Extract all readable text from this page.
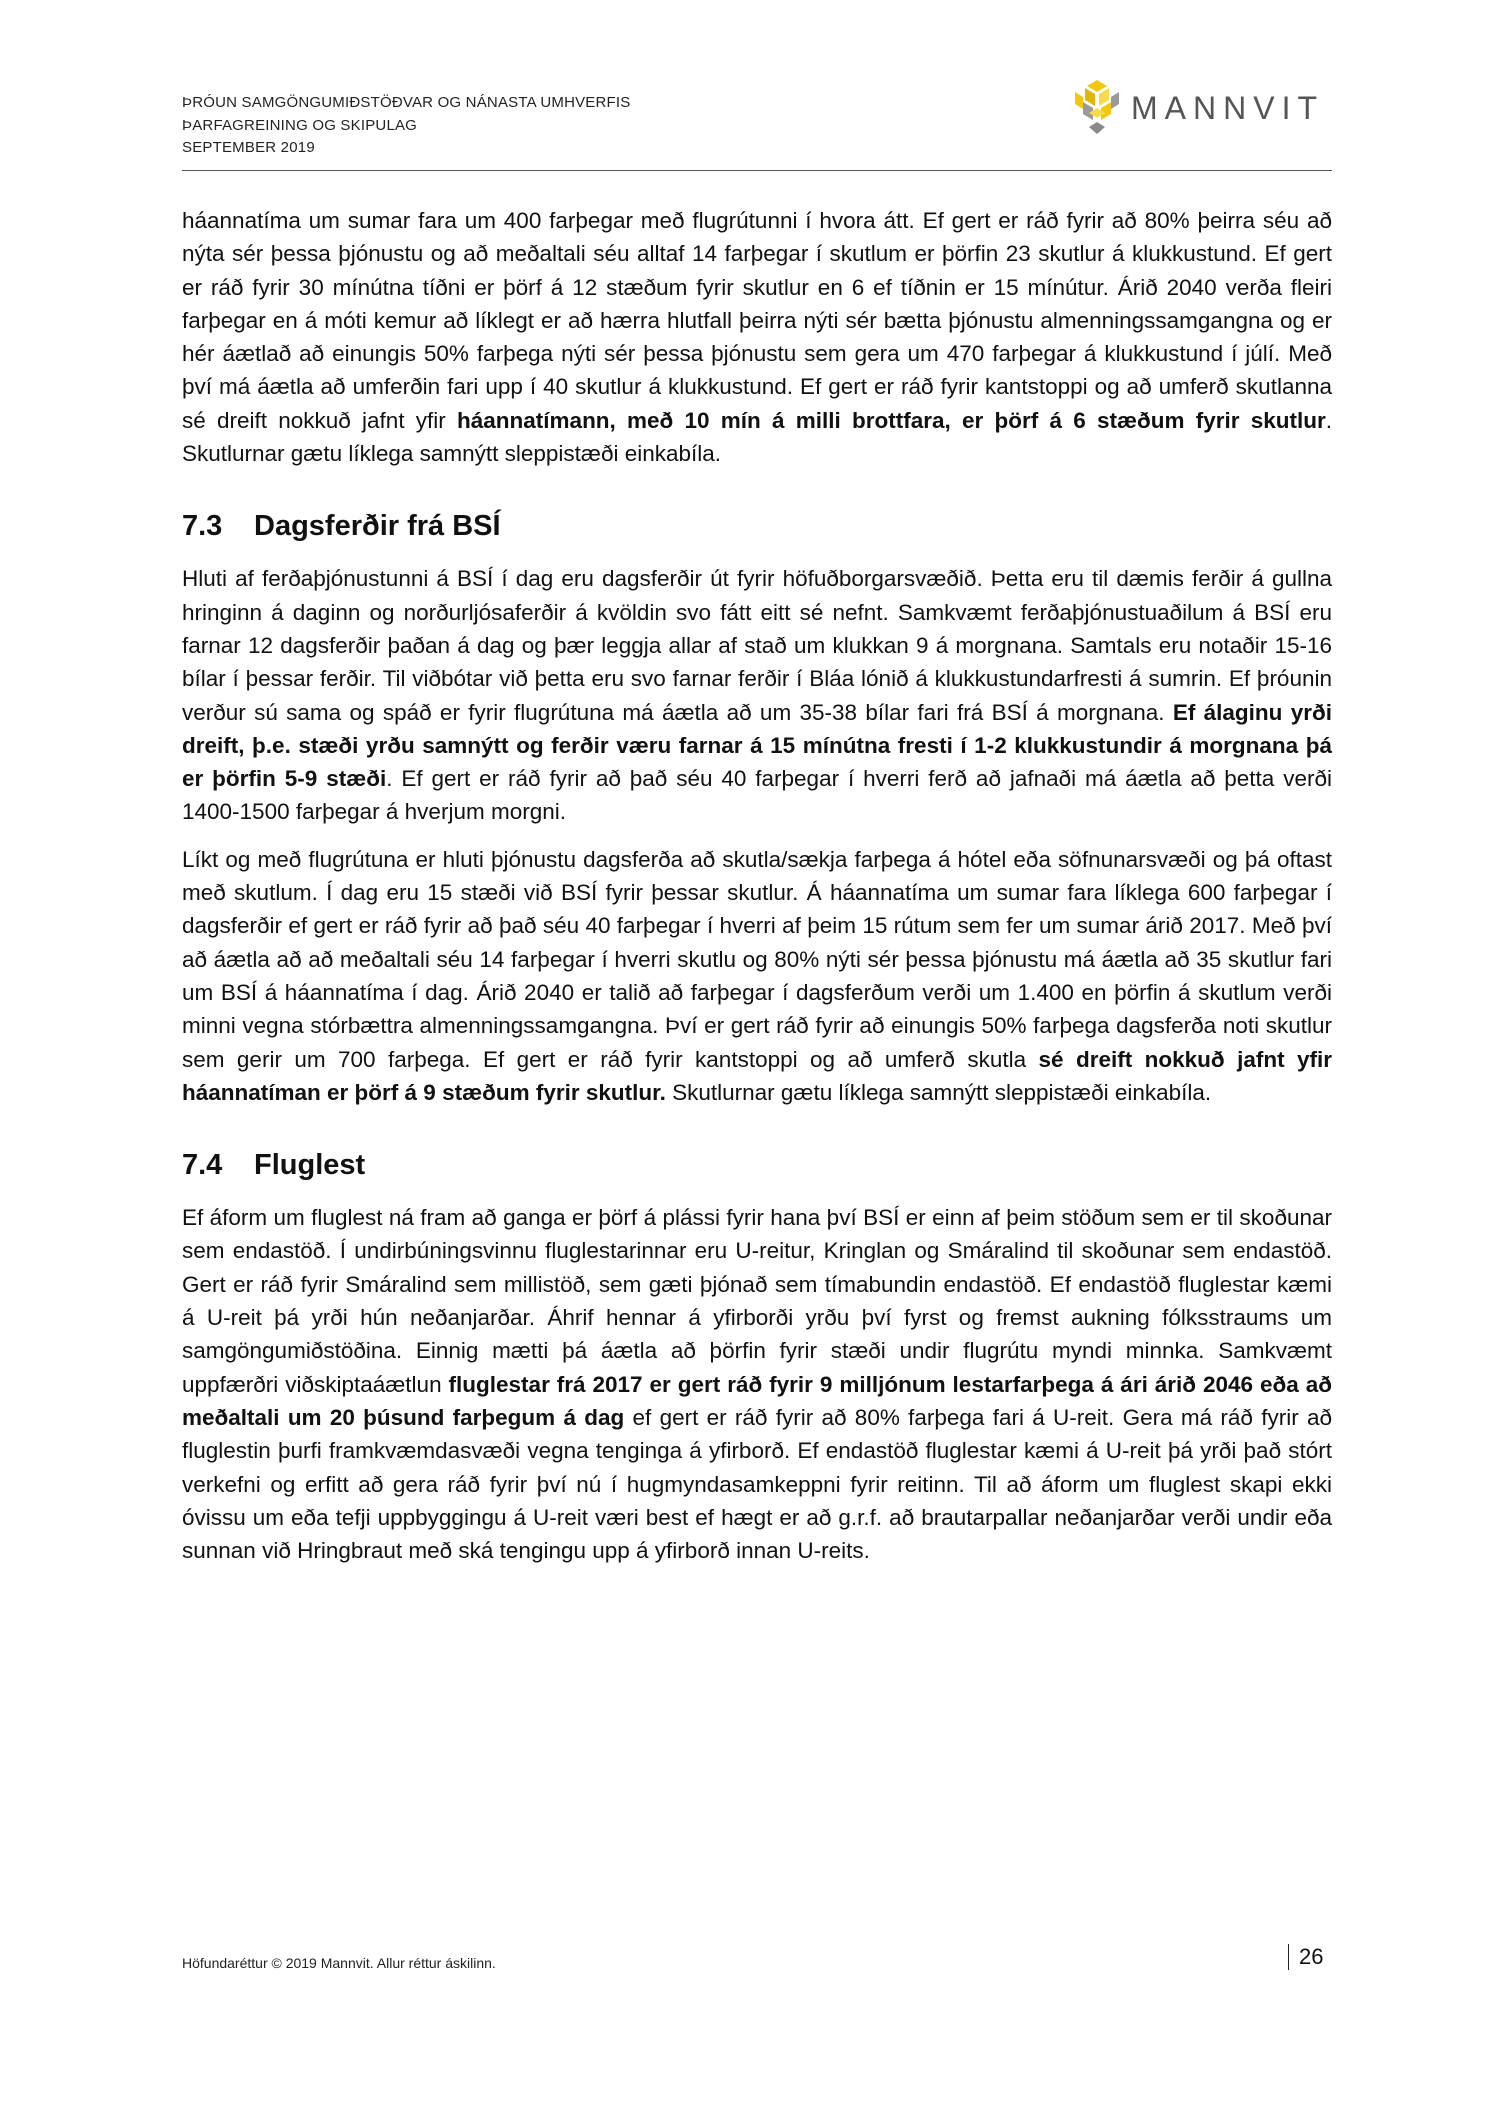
ÞRÓUN SAMGÖNGUMIÐSTÖÐVAR OG NÁNASTA UMHVERFIS
ÞARFAGREINING OG SKIPULAG
SEPTEMBER 2019
MANNVIT

háannatíma um sumar fara um 400 farþegar með flugrútunni í hvora átt. Ef gert er ráð fyrir að 80% þeirra séu að nýta sér þessa þjónustu og að meðaltali séu alltaf 14 farþegar í skutlum er þörfin 23 skutlur á klukkustund. Ef gert er ráð fyrir 30 mínútna tíðni er þörf á 12 stæðum fyrir skutlur en 6 ef tíðnin er 15 mínútur. Árið 2040 verða fleiri farþegar en á móti kemur að líklegt er að hærra hlutfall þeirra nýti sér bætta þjónustu almenningssamgangna og er hér áætlað að einungis 50% farþega nýti sér þessa þjónustu sem gera um 470 farþegar á klukkustund í júlí. Með því má áætla að umferðin fari upp í 40 skutlur á klukkustund. Ef gert er ráð fyrir kantstoppi og að umferð skutlanna sé dreift nokkuð jafnt yfir háannatímann, með 10 mín á milli brottfara, er þörf á 6 stæðum fyrir skutlur. Skutlurnar gætu líklega samnýtt sleppistæði einkabíla.

7.3 Dagsferðir frá BSÍ

Hluti af ferðaþjónustunni á BSÍ í dag eru dagsferðir út fyrir höfuðborgarsvæðið. Þetta eru til dæmis ferðir á gullna hringinn á daginn og norðurljósaferðir á kvöldin svo fátt eitt sé nefnt. Samkvæmt ferðaþjónustuaðilum á BSÍ eru farnar 12 dagsferðir þaðan á dag og þær leggja allar af stað um klukkan 9 á morgnana. Samtals eru notaðir 15-16 bílar í þessar ferðir. Til viðbótar við þetta eru svo farnar ferðir í Bláa lónið á klukkustundarfresti á sumrin. Ef þróunin verður sú sama og spáð er fyrir flugrútuna má áætla að um 35-38 bílar fari frá BSÍ á morgnana. Ef álaginu yrði dreift, þ.e. stæði yrðu samnýtt og ferðir væru farnar á 15 mínútna fresti í 1-2 klukkustundir á morgnana þá er þörfin 5-9 stæði. Ef gert er ráð fyrir að það séu 40 farþegar í hverri ferð að jafnaði má áætla að þetta verði 1400-1500 farþegar á hverjum morgni.

Líkt og með flugrútuna er hluti þjónustu dagsferða að skutla/sækja farþega á hótel eða söfnunarsvæði og þá oftast með skutlum. Í dag eru 15 stæði við BSÍ fyrir þessar skutlur. Á háannatíma um sumar fara líklega 600 farþegar í dagsferðir ef gert er ráð fyrir að það séu 40 farþegar í hverri af þeim 15 rútum sem fer um sumar árið 2017. Með því að áætla að að meðaltali séu 14 farþegar í hverri skutlu og 80% nýti sér þessa þjónustu má áætla að 35 skutlur fari um BSÍ á háannatíma í dag. Árið 2040 er talið að farþegar í dagsferðum verði um 1.400 en þörfin á skutlum verði minni vegna stórbættra almenningssamgangna. Því er gert ráð fyrir að einungis 50% farþega dagsferða noti skutlur sem gerir um 700 farþega. Ef gert er ráð fyrir kantstoppi og að umferð skutla sé dreift nokkuð jafnt yfir háannatíman er þörf á 9 stæðum fyrir skutlur. Skutlurnar gætu líklega samnýtt sleppistæði einkabíla.

7.4 Fluglest

Ef áform um fluglest ná fram að ganga er þörf á plássi fyrir hana því BSÍ er einn af þeim stöðum sem er til skoðunar sem endastöð. Í undirbúningsvinnu fluglestarinnar eru U-reitur, Kringlan og Smáralind til skoðunar sem endastöð. Gert er ráð fyrir Smáralind sem millistöð, sem gæti þjónað sem tímabundin endastöð. Ef endastöð fluglestar kæmi á U-reit þá yrði hún neðanjarðar. Áhrif hennar á yfirborði yrðu því fyrst og fremst aukning fólksstraums um samgöngumiðstöðina. Einnig mætti þá áætla að þörfin fyrir stæði undir flugrútu myndi minnka. Samkvæmt uppfærðri viðskiptaáætlun fluglestar frá 2017 er gert ráð fyrir 9 milljónum lestarfarþega á ári árið 2046 eða að meðaltali um 20 þúsund farþegum á dag ef gert er ráð fyrir að 80% farþega fari á U-reit. Gera má ráð fyrir að fluglestin þurfi framkvæmdasvæði vegna tenginga á yfirborð. Ef endastöð fluglestar kæmi á U-reit þá yrði það stórt verkefni og erfitt að gera ráð fyrir því nú í hugmyndasamkeppni fyrir reitinn. Til að áform um fluglest skapi ekki óvissu um eða tefji uppbyggingu á U-reit væri best ef hægt er að g.r.f. að brautarpallar neðanjarðar verði undir eða sunnan við Hringbraut með ská tengingu upp á yfirborð innan U-reits.

Höfundaréttur © 2019 Mannvit. Allur réttur áskilinn.	26
